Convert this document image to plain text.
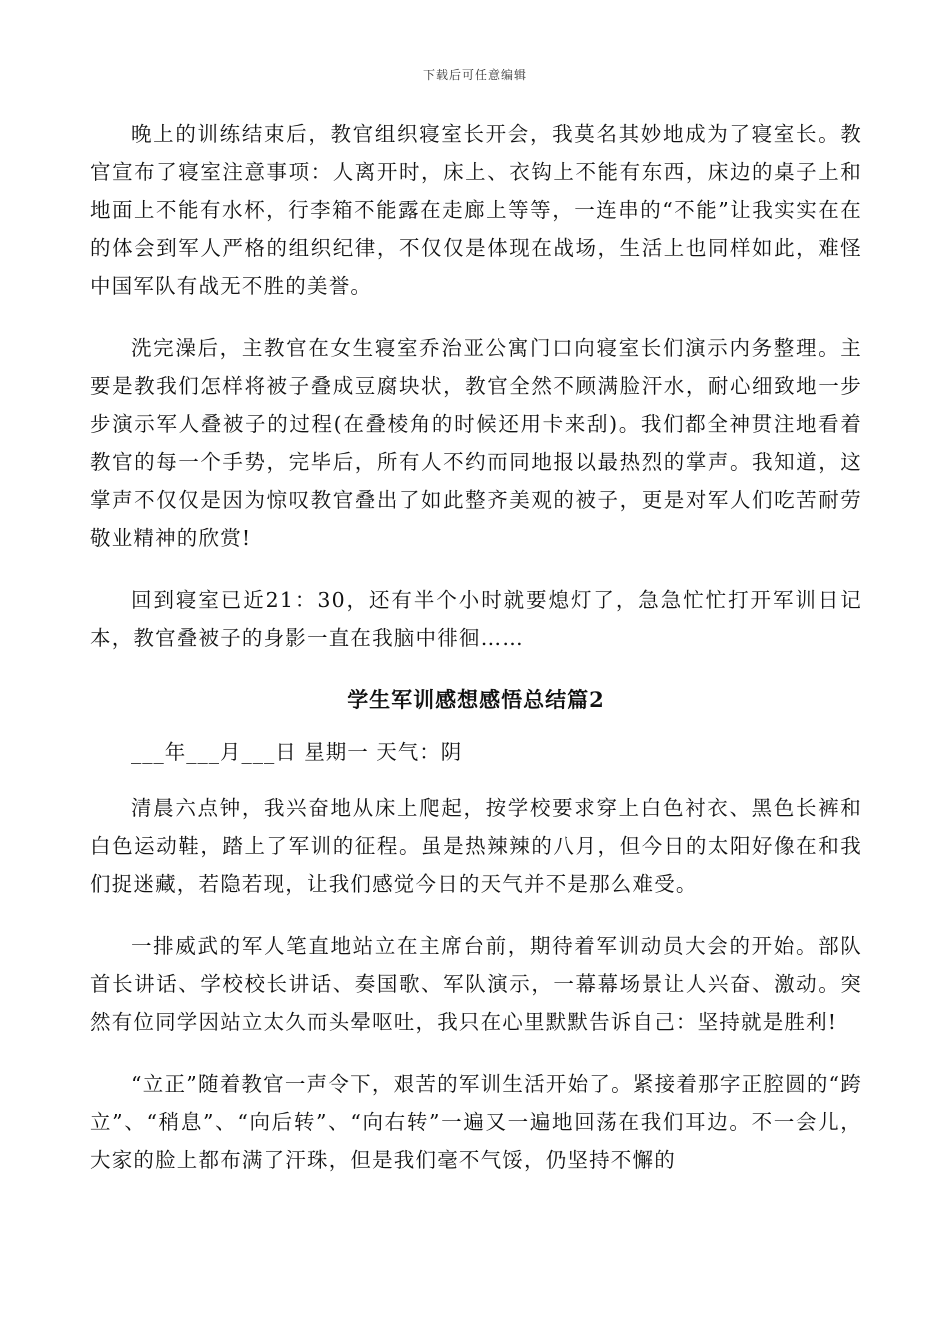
下载后可任意编辑

晚上的训练结束后，教官组织寝室长开会，我莫名其妙地成为了寝室长。教官宣布了寝室注意事项：人离开时，床上、衣钩上不能有东西，床边的桌子上和地面上不能有水杯，行李箱不能露在走廊上等等，一连串的“不能”让我实实在在的体会到军人严格的组织纪律，不仅仅是体现在战场，生活上也同样如此，难怪中国军队有战无不胜的美誉。

洗完澡后，主教官在女生寝室乔治亚公寓门口向寝室长们演示内务整理。主要是教我们怎样将被子叠成豆腐块状，教官全然不顾满脸汗水，耐心细致地一步步演示军人叠被子的过程(在叠棱角的时候还用卡来刮)。我们都全神贯注地看着教官的每一个手势，完毕后，所有人不约而同地报以最热烈的掌声。我知道，这掌声不仅仅是因为惊叹教官叠出了如此整齐美观的被子，更是对军人们吃苦耐劳敬业精神的欣赏!

回到寝室已近21：30，还有半个小时就要熄灯了，急急忙忙打开军训日记本，教官叠被子的身影一直在我脑中徘徊……

学生军训感想感悟总结篇2
___年___月___日 星期一 天气：阴

清晨六点钟，我兴奋地从床上爬起，按学校要求穿上白色衬衣、黑色长裤和白色运动鞋，踏上了军训的征程。虽是热辣辣的八月，但今日的太阳好像在和我们捉迷藏，若隐若现，让我们感觉今日的天气并不是那么难受。

一排威武的军人笔直地站立在主席台前，期待着军训动员大会的开始。部队首长讲话、学校校长讲话、奏国歌、军队演示，一幕幕场景让人兴奋、激动。突然有位同学因站立太久而头晕呕吐，我只在心里默默告诉自己：坚持就是胜利!

“立正”随着教官一声令下，艰苦的军训生活开始了。紧接着那字正腔圆的“跨立”、“稍息”、“向后转”、“向右转”一遍又一遍地回荡在我们耳边。不一会儿，大家的脸上都布满了汗珠，但是我们毫不气馁，仍坚持不懈的
